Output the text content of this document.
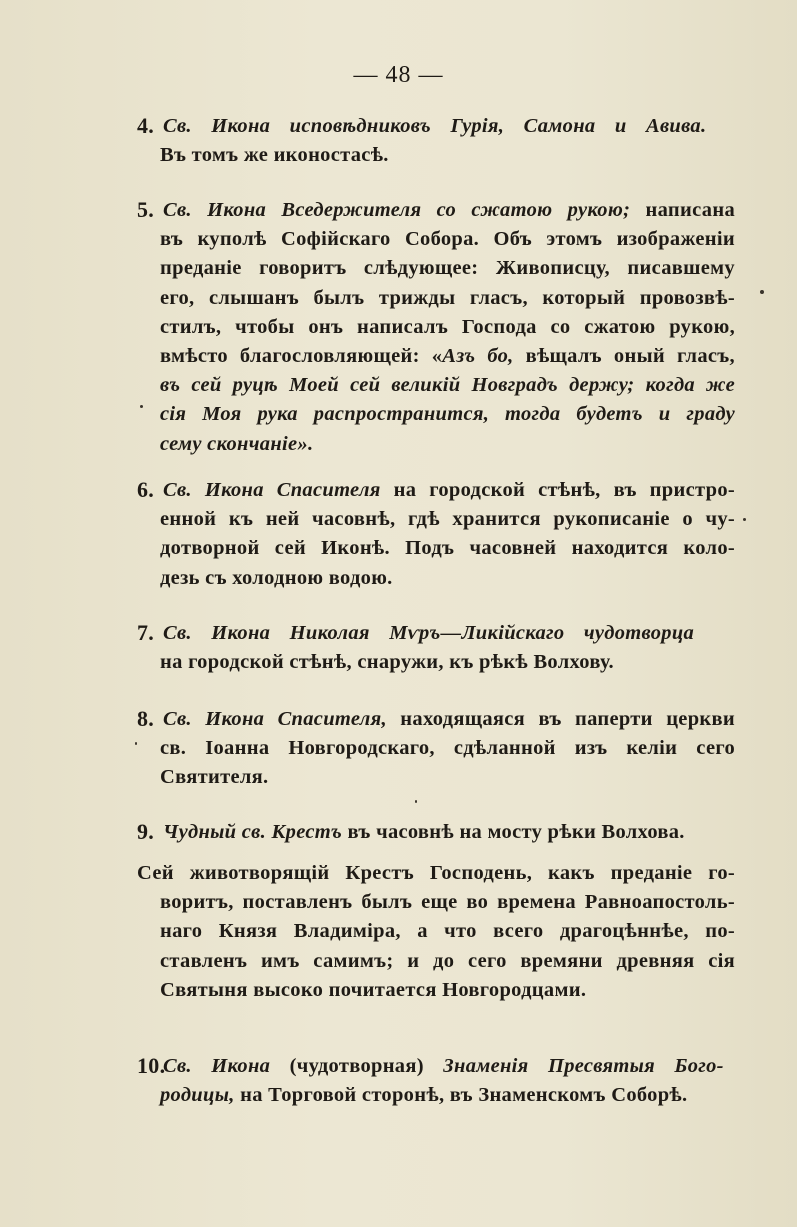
— 48 —
4. Св. Икона исповѣдниковъ Гурія, Самона и Авива.
Въ томъ же иконостасѣ.
5. Св. Икона Вседержителя со сжатою рукою; написана
въ куполѣ Софійскаго Собора. Объ этомъ изображеніи
преданіе говоритъ слѣдующее: Живописцу, писавшему
его, слышанъ былъ трижды гласъ, который провозвѣ-
стилъ, чтобы онъ написалъ Господа со сжатою рукою,
вмѣсто благословляющей: «Азъ бо, вѣщалъ оный гласъ,
въ сей руцѣ Моей сей великій Новградъ держу; когда же
сія Моя рука распространится, тогда будетъ и граду
сему скончаніе».
6. Св. Икона Спасителя на городской стѣнѣ, въ пристро-
енной къ ней часовнѣ, гдѣ хранится рукописаніе о чу-
дотворной сей Иконѣ. Подъ часовней находится коло-
дезь съ холодною водою.
7. Св. Икона Николая Мѵръ—Ликійскаго чудотворца
на городской стѣнѣ, снаружи, къ рѣкѣ Волхову.
8. Св. Икона Спасителя, находящаяся въ паперти церкви
св. Іоанна Новгородскаго, сдѣланной изъ келіи сего
Святителя.
9. Чудный св. Крестъ въ часовнѣ на мосту рѣки Волхова.
Сей животворящій Крестъ Господень, какъ преданіе го-
воритъ, поставленъ былъ еще во времена Равноапостоль-
наго Князя Владиміра, а что всего драгоцѣннѣе, по-
ставленъ имъ самимъ; и до сего времяни древняя сія
Святыня высоко почитается Новгородцами.
10.
Св. Икона (чудотворная) Знаменія Пресвятыя Бого-
родицы, на Торговой сторонѣ, въ Знаменскомъ Соборѣ.
